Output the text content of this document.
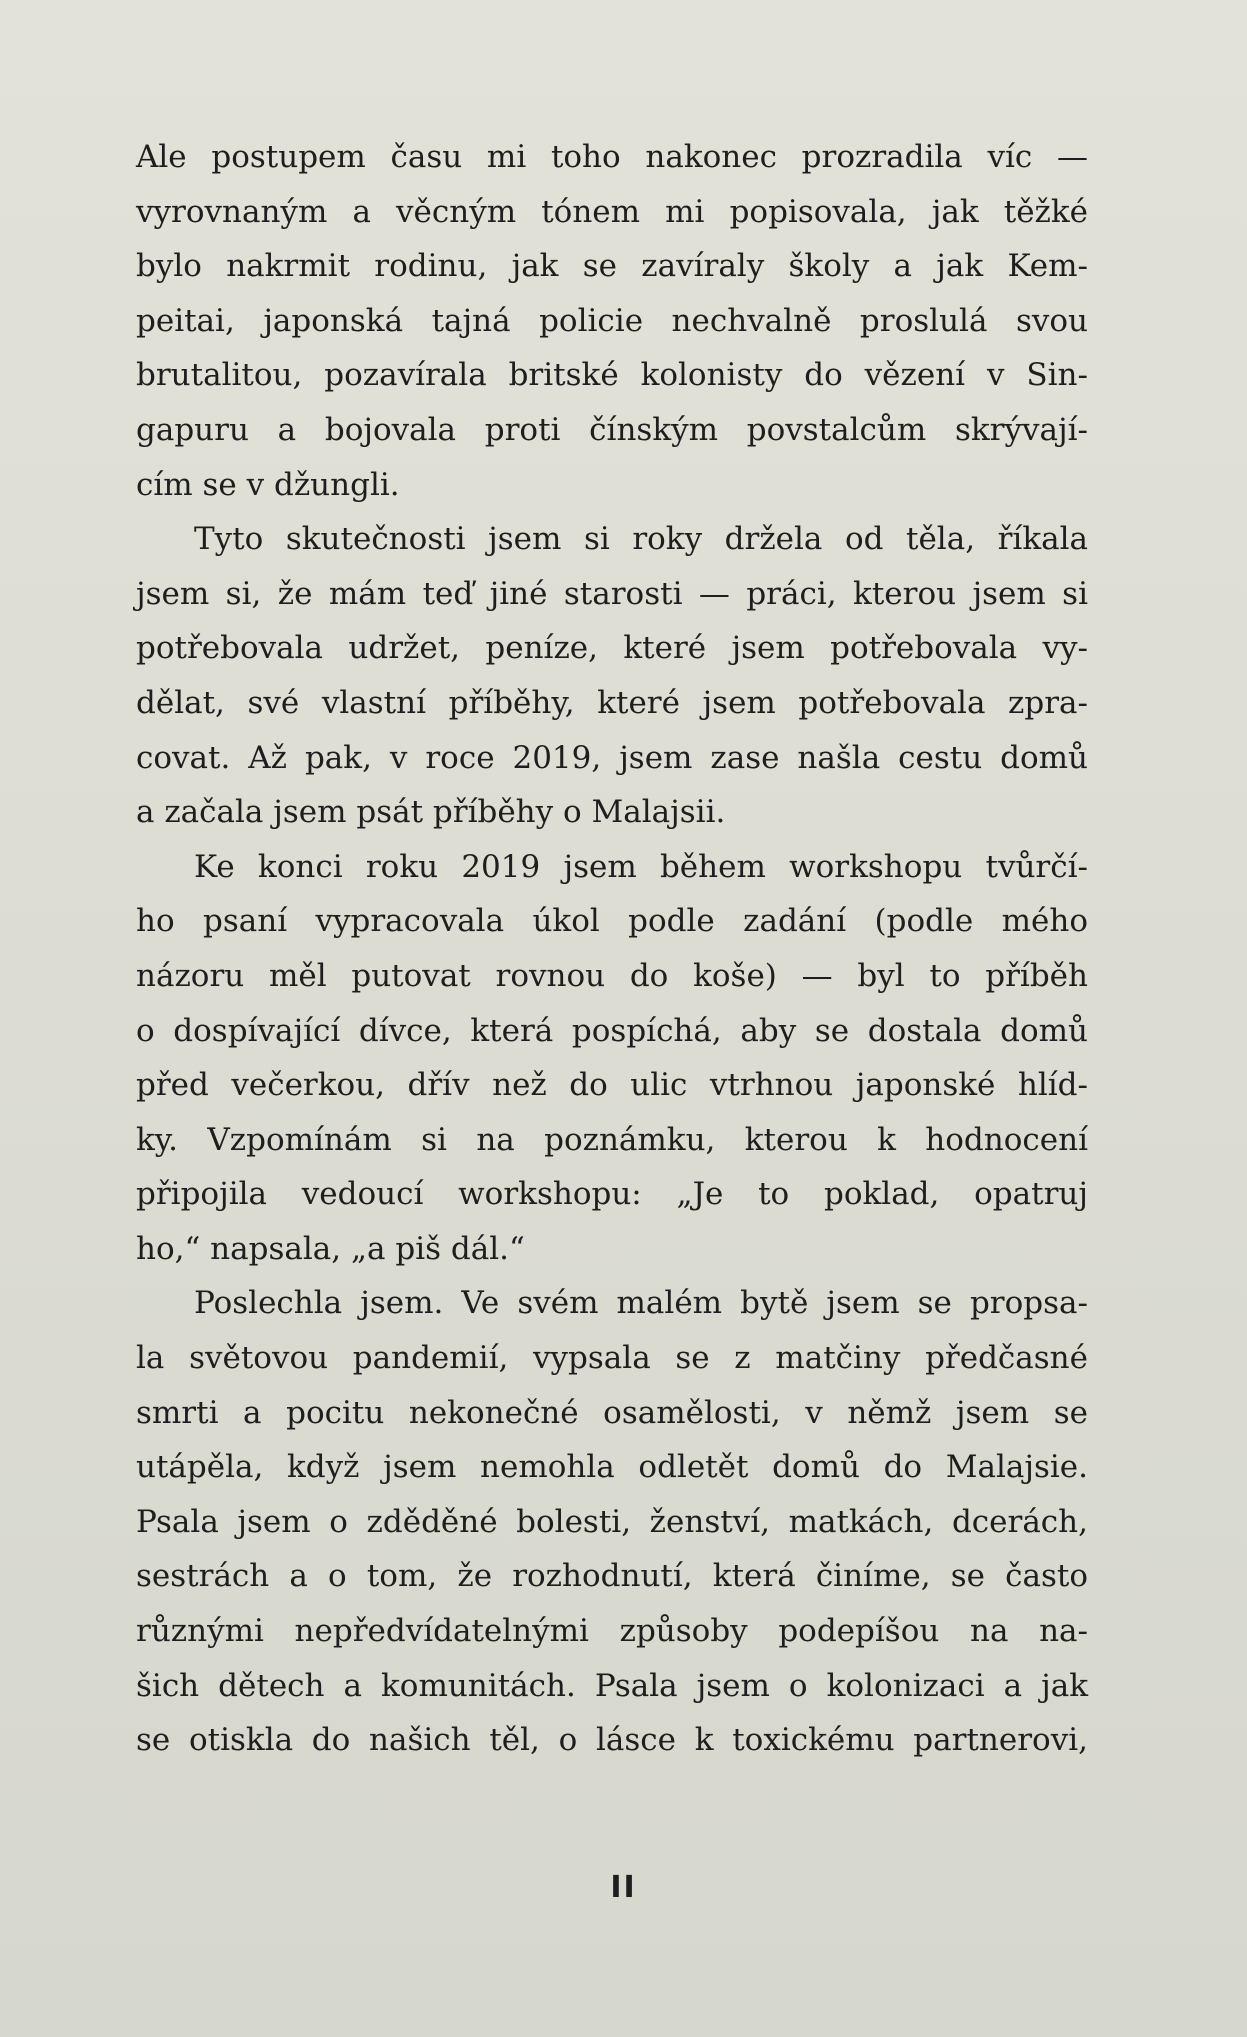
Ale postupem času mi toho nakonec prozradila víc —
vyrovnaným a věcným tónem mi popisovala, jak těžké
bylo nakrmit rodinu, jak se zavíraly školy a jak Kem-
peitai, japonská tajná policie nechvalně proslulá svou
brutalitou, pozavírala britské kolonisty do vězení v Sin-
gapuru a bojovala proti čínským povstalcům skrývají-
cím se v džungli.
Tyto skutečnosti jsem si roky držela od těla, říkala
jsem si, že mám teď jiné starosti — práci, kterou jsem si
potřebovala udržet, peníze, které jsem potřebovala vy-
dělat, své vlastní příběhy, které jsem potřebovala zpra-
covat. Až pak, v roce 2019, jsem zase našla cestu domů
a začala jsem psát příběhy o Malajsii.
Ke konci roku 2019 jsem během workshopu tvůrčí-
ho psaní vypracovala úkol podle zadání (podle mého
názoru měl putovat rovnou do koše) — byl to příběh
o dospívající dívce, která pospíchá, aby se dostala domů
před večerkou, dřív než do ulic vtrhnou japonské hlíd-
ky. Vzpomínám si na poznámku, kterou k hodnocení
připojila vedoucí workshopu: „Je to poklad, opatruj
ho,“ napsala, „a piš dál.“
Poslechla jsem. Ve svém malém bytě jsem se propsa-
la světovou pandemií, vypsala se z matčiny předčasné
smrti a pocitu nekonečné osamělosti, v němž jsem se
utápěla, když jsem nemohla odletět domů do Malajsie.
Psala jsem o zděděné bolesti, ženství, matkách, dcerách,
sestrách a o tom, že rozhodnutí, která činíme, se často
různými nepředvídatelnými způsoby podepíšou na na-
šich dětech a komunitách. Psala jsem o kolonizaci a jak
se otiskla do našich těl, o lásce k toxickému partnerovi,
II
